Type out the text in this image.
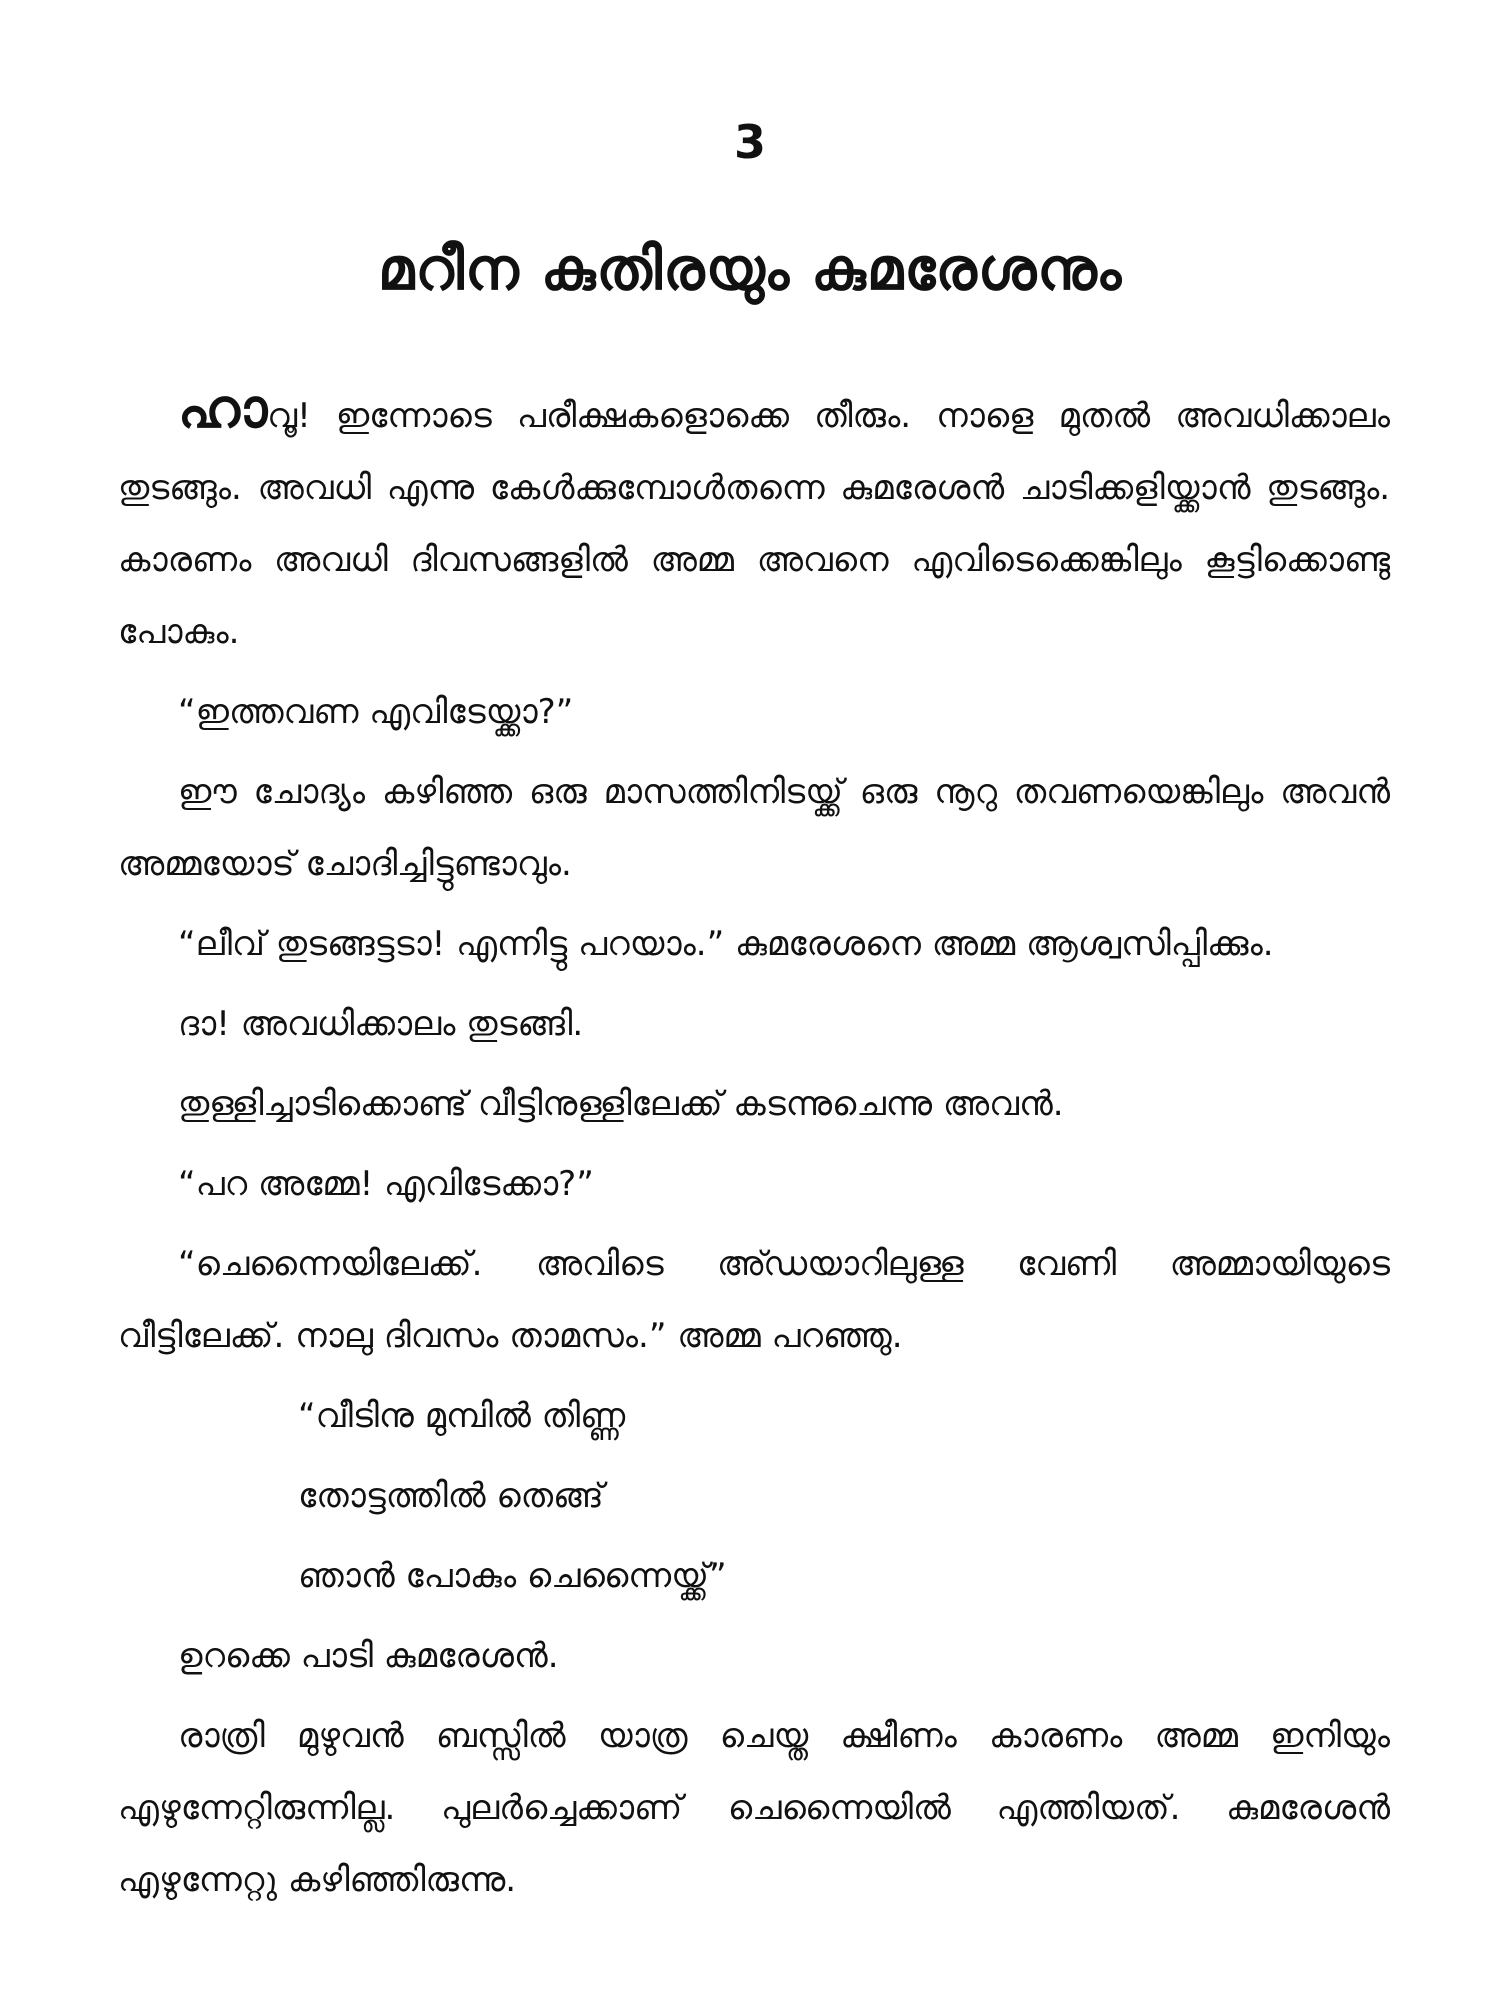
3
മറീന കുതിരയും കുമരേശനും

ഹാവൂ! ഇന്നോടെ പരീക്ഷകളൊക്കെ തീരും. നാളെ മുതൽ അവധിക്കാലം തുടങ്ങും. അവധി എന്നു കേൾക്കുമ്പോൾതന്നെ കുമരേശൻ ചാടിക്കളിയ്ക്കാൻ തുടങ്ങും. കാരണം അവധി ദിവസങ്ങളിൽ അമ്മ അവനെ എവിടെക്കെങ്കിലും കൂട്ടിക്കൊണ്ടു പോകും.

“ഇത്തവണ എവിടേയ്ക്കാ?”

ഈ ചോദ്യം കഴിഞ്ഞ ഒരു മാസത്തിനിടയ്ക്ക് ഒരു നൂറു തവണയെങ്കിലും അവൻ അമ്മയോട് ചോദിച്ചിട്ടുണ്ടാവും.

“ലീവ് തുടങ്ങട്ടടാ! എന്നിട്ടു പറയാം.” കുമരേശനെ അമ്മ ആശ്വസിപ്പിക്കും.

ദാ! അവധിക്കാലം തുടങ്ങി.

തുള്ളിച്ചാടിക്കൊണ്ട് വീട്ടിനുള്ളിലേക്ക് കടന്നുചെന്നു അവൻ.

“പറ അമ്മേ! എവിടേക്കാ?”

“ചെന്നൈയിലേക്ക്. അവിടെ അ്ഡയാറിലുള്ള വേണി അമ്മായിയുടെ വീട്ടിലേക്ക്. നാലു ദിവസം താമസം.” അമ്മ പറഞ്ഞു.

“വീടിനു മുമ്പിൽ തിണ്ണ

തോട്ടത്തിൽ തെങ്ങ്

ഞാൻ പോകും ചെന്നൈയ്ക്ക്”

ഉറക്കെ പാടി കുമരേശൻ.

രാത്രി മുഴുവൻ ബസ്സിൽ യാത്ര ചെയ്ത ക്ഷീണം കാരണം അമ്മ ഇനിയും എഴുന്നേറ്റിരുന്നില്ല. പുലർച്ചെക്കാണ് ചെന്നൈയിൽ എത്തിയത്. കുമരേശൻ എഴുന്നേറ്റു കഴിഞ്ഞിരുന്നു.
